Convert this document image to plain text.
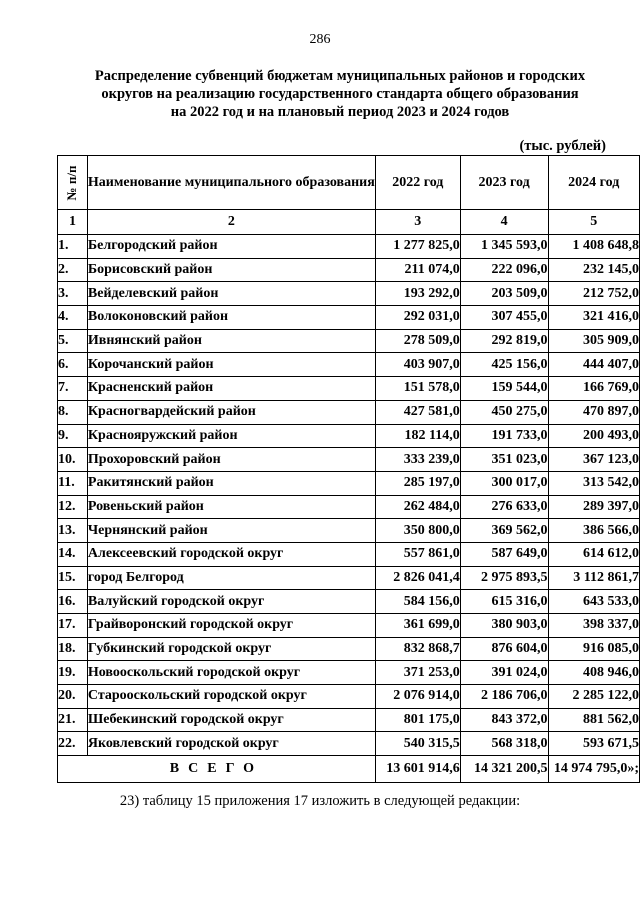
286
Распределение субвенций бюджетам муниципальных районов и городских
округов на реализацию государственного стандарта общего образования
на 2022 год и на плановый период 2023 и 2024 годов
(тыс. рублей)
№ п/п	Наименование муниципального образования	2022 год	2023 год	2024 год
1	2	3	4	5
1.	Белгородский район	1 277 825,0	1 345 593,0	1 408 648,8
2.	Борисовский район	211 074,0	222 096,0	232 145,0
3.	Вейделевский район	193 292,0	203 509,0	212 752,0
4.	Волоконовский район	292 031,0	307 455,0	321 416,0
5.	Ивнянский район	278 509,0	292 819,0	305 909,0
6.	Корочанский район	403 907,0	425 156,0	444 407,0
7.	Красненский район	151 578,0	159 544,0	166 769,0
8.	Красногвардейский район	427 581,0	450 275,0	470 897,0
9.	Краснояружский район	182 114,0	191 733,0	200 493,0
10.	Прохоровский район	333 239,0	351 023,0	367 123,0
11.	Ракитянский район	285 197,0	300 017,0	313 542,0
12.	Ровеньский район	262 484,0	276 633,0	289 397,0
13.	Чернянский район	350 800,0	369 562,0	386 566,0
14.	Алексеевский городской округ	557 861,0	587 649,0	614 612,0
15.	город Белгород	2 826 041,4	2 975 893,5	3 112 861,7
16.	Валуйский городской округ	584 156,0	615 316,0	643 533,0
17.	Грайворонский городской округ	361 699,0	380 903,0	398 337,0
18.	Губкинский городской округ	832 868,7	876 604,0	916 085,0
19.	Новооскольский городской округ	371 253,0	391 024,0	408 946,0
20.	Старооскольский городской округ	2 076 914,0	2 186 706,0	2 285 122,0
21.	Шебекинский городской округ	801 175,0	843 372,0	881 562,0
22.	Яковлевский городской округ	540 315,5	568 318,0	593 671,5
ВСЕГО		13 601 914,6	14 321 200,5	14 974 795,0»;
23) таблицу 15 приложения 17 изложить в следующей редакции:
